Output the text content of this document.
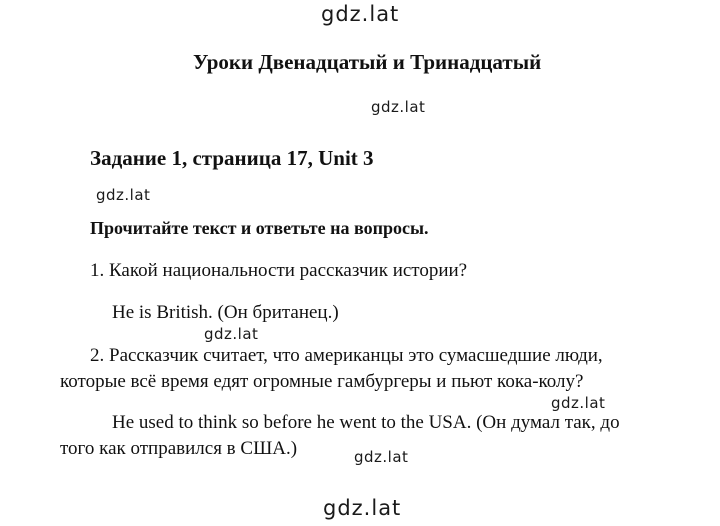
gdz.lat
gdz.lat
gdz.lat
gdz.lat
gdz.lat
gdz.lat
gdz.lat
Уроки Двенадцатый и Тринадцатый
Задание 1, страница 17, Unit 3
Прочитайте текст и ответьте на вопросы.
1. Какой национальности рассказчик истории?
He is British. (Он британец.)
2. Рассказчик считает, что американцы это сумасшедшие люди,
которые всё время едят огромные гамбургеры и пьют кока-колу?
He used to think so before he went to the USA. (Он думал так, до
того как отправился в США.)
